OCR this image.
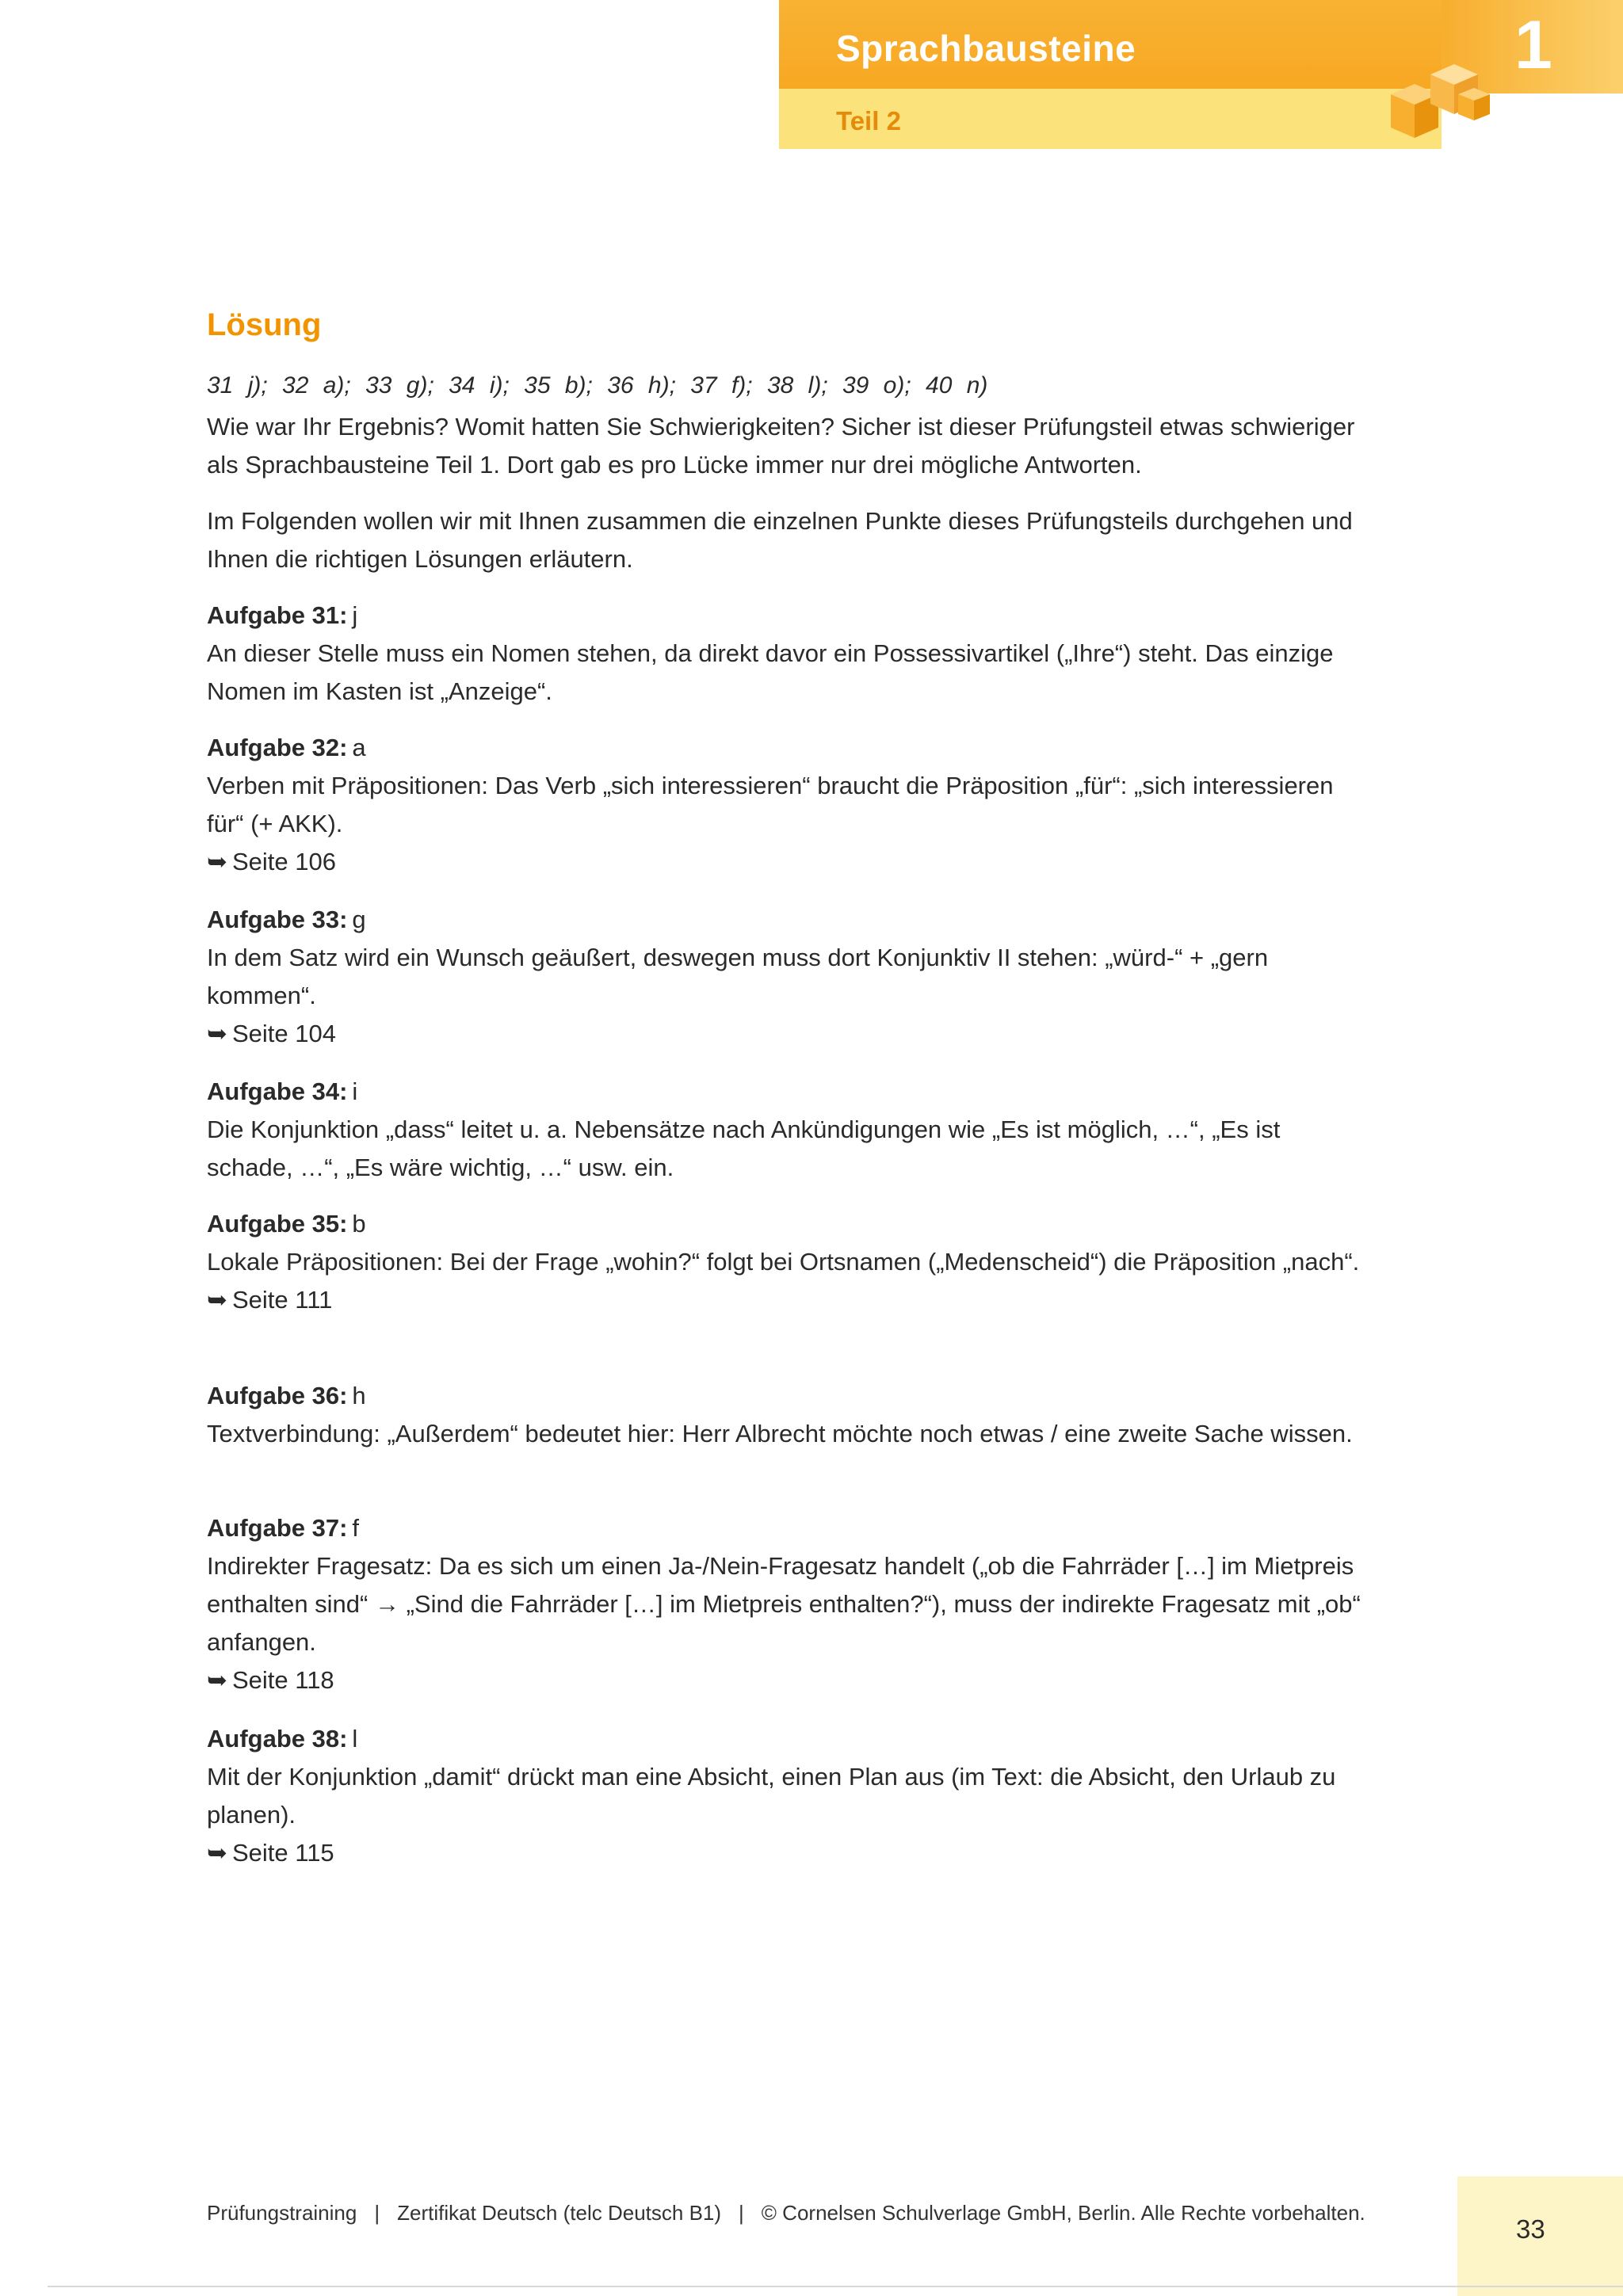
Sprachbausteine
Teil 2
1
Lösung
31 j); 32 a); 33 g); 34 i); 35 b); 36 h); 37 f); 38 l); 39 o); 40 n)
Wie war Ihr Ergebnis? Womit hatten Sie Schwierigkeiten? Sicher ist dieser Prüfungsteil etwas schwieriger als Sprachbausteine Teil 1. Dort gab es pro Lücke immer nur drei mögliche Antworten.
Im Folgenden wollen wir mit Ihnen zusammen die einzelnen Punkte dieses Prüfungsteils durchgehen und Ihnen die richtigen Lösungen erläutern.
Aufgabe 31: j
An dieser Stelle muss ein Nomen stehen, da direkt davor ein Possessivartikel („Ihre“) steht. Das einzige Nomen im Kasten ist „Anzeige“.
Aufgabe 32: a
Verben mit Präpositionen: Das Verb „sich interessieren“ braucht die Präposition „für“: „sich interessieren für“ (+ AKK).
➥ Seite 106
Aufgabe 33: g
In dem Satz wird ein Wunsch geäußert, deswegen muss dort Konjunktiv II stehen: „würd-“ + „gern kommen“.
➥ Seite 104
Aufgabe 34: i
Die Konjunktion „dass“ leitet u. a. Nebensätze nach Ankündigungen wie „Es ist möglich, …“, „Es ist schade, …“, „Es wäre wichtig, …“ usw. ein.
Aufgabe 35: b
Lokale Präpositionen: Bei der Frage „wohin?“ folgt bei Ortsnamen („Medenscheid“) die Präposition „nach“.
➥ Seite 111
Aufgabe 36: h
Textverbindung: „Außerdem“ bedeutet hier: Herr Albrecht möchte noch etwas / eine zweite Sache wissen.
Aufgabe 37: f
Indirekter Fragesatz: Da es sich um einen Ja-/Nein-Fragesatz handelt („ob die Fahrräder […] im Mietpreis enthalten sind“ → „Sind die Fahrräder […] im Mietpreis enthalten?“), muss der indirekte Fragesatz mit „ob“ anfangen.
➥ Seite 118
Aufgabe 38: l
Mit der Konjunktion „damit“ drückt man eine Absicht, einen Plan aus (im Text: die Absicht, den Urlaub zu planen).
➥ Seite 115
Prüfungstraining | Zertifikat Deutsch (telc Deutsch B1) | © Cornelsen Schulverlage GmbH, Berlin. Alle Rechte vorbehalten.
33
